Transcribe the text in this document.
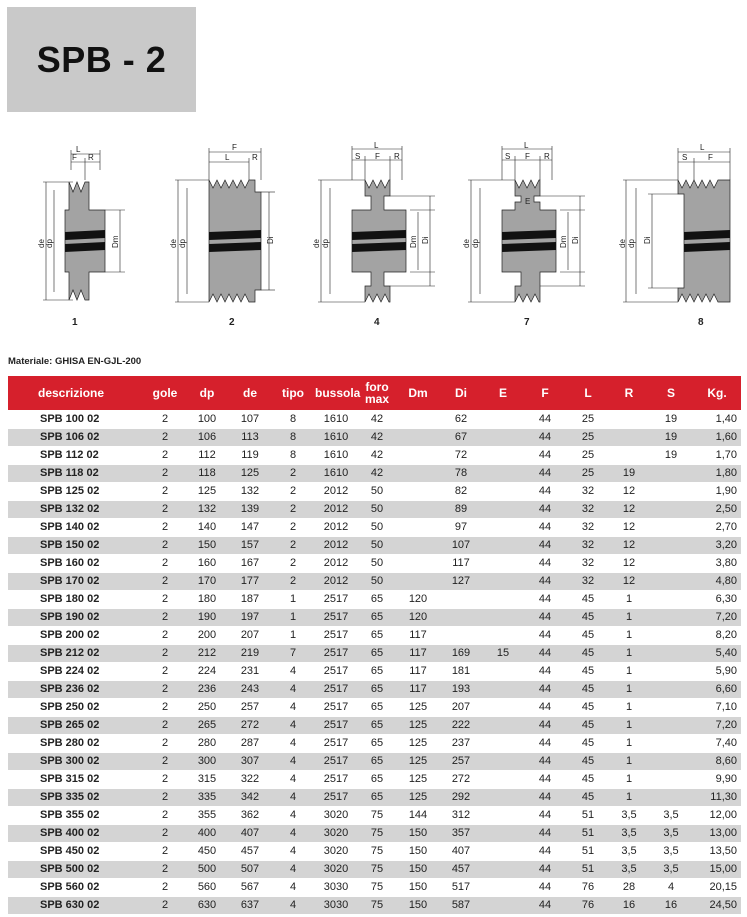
SPB - 2
L
F R
de dp	Dm
F
L	R
de dp	Di
L
S F R
de dp	Dm Di
L
S F R
E
de dp	Dm Di
L
S	F
de dp Di
1	2	4	7	8
Materiale: GHISA EN-GJL-200
descrizione	gole	dp	de	tipo	bussola	foro max	Dm	Di	E	F	L	R	S	Kg.
SPB 100 02	2	100	107	8	1610	42		62		44	25		19	1,40
SPB 106 02	2	106	113	8	1610	42		67		44	25		19	1,60
SPB 112 02	2	112	119	8	1610	42		72		44	25		19	1,70
SPB 118 02	2	118	125	2	1610	42		78		44	25	19		1,80
SPB 125 02	2	125	132	2	2012	50		82		44	32	12		1,90
SPB 132 02	2	132	139	2	2012	50		89		44	32	12		2,50
SPB 140 02	2	140	147	2	2012	50		97		44	32	12		2,70
SPB 150 02	2	150	157	2	2012	50		107		44	32	12		3,20
SPB 160 02	2	160	167	2	2012	50		117		44	32	12		3,80
SPB 170 02	2	170	177	2	2012	50		127		44	32	12		4,80
SPB 180 02	2	180	187	1	2517	65	120			44	45	1		6,30
SPB 190 02	2	190	197	1	2517	65	120			44	45	1		7,20
SPB 200 02	2	200	207	1	2517	65	117			44	45	1		8,20
SPB 212 02	2	212	219	7	2517	65	117	169	15	44	45	1		5,40
SPB 224 02	2	224	231	4	2517	65	117	181		44	45	1		5,90
SPB 236 02	2	236	243	4	2517	65	117	193		44	45	1		6,60
SPB 250 02	2	250	257	4	2517	65	125	207		44	45	1		7,10
SPB 265 02	2	265	272	4	2517	65	125	222		44	45	1		7,20
SPB 280 02	2	280	287	4	2517	65	125	237		44	45	1		7,40
SPB 300 02	2	300	307	4	2517	65	125	257		44	45	1		8,60
SPB 315 02	2	315	322	4	2517	65	125	272		44	45	1		9,90
SPB 335 02	2	335	342	4	2517	65	125	292		44	45	1		11,30
SPB 355 02	2	355	362	4	3020	75	144	312		44	51	3,5	3,5	12,00
SPB 400 02	2	400	407	4	3020	75	150	357		44	51	3,5	3,5	13,00
SPB 450 02	2	450	457	4	3020	75	150	407		44	51	3,5	3,5	13,50
SPB 500 02	2	500	507	4	3020	75	150	457		44	51	3,5	3,5	15,00
SPB 560 02	2	560	567	4	3030	75	150	517		44	76	28	4	20,15
SPB 630 02	2	630	637	4	3030	75	150	587		44	76	16	16	24,50
